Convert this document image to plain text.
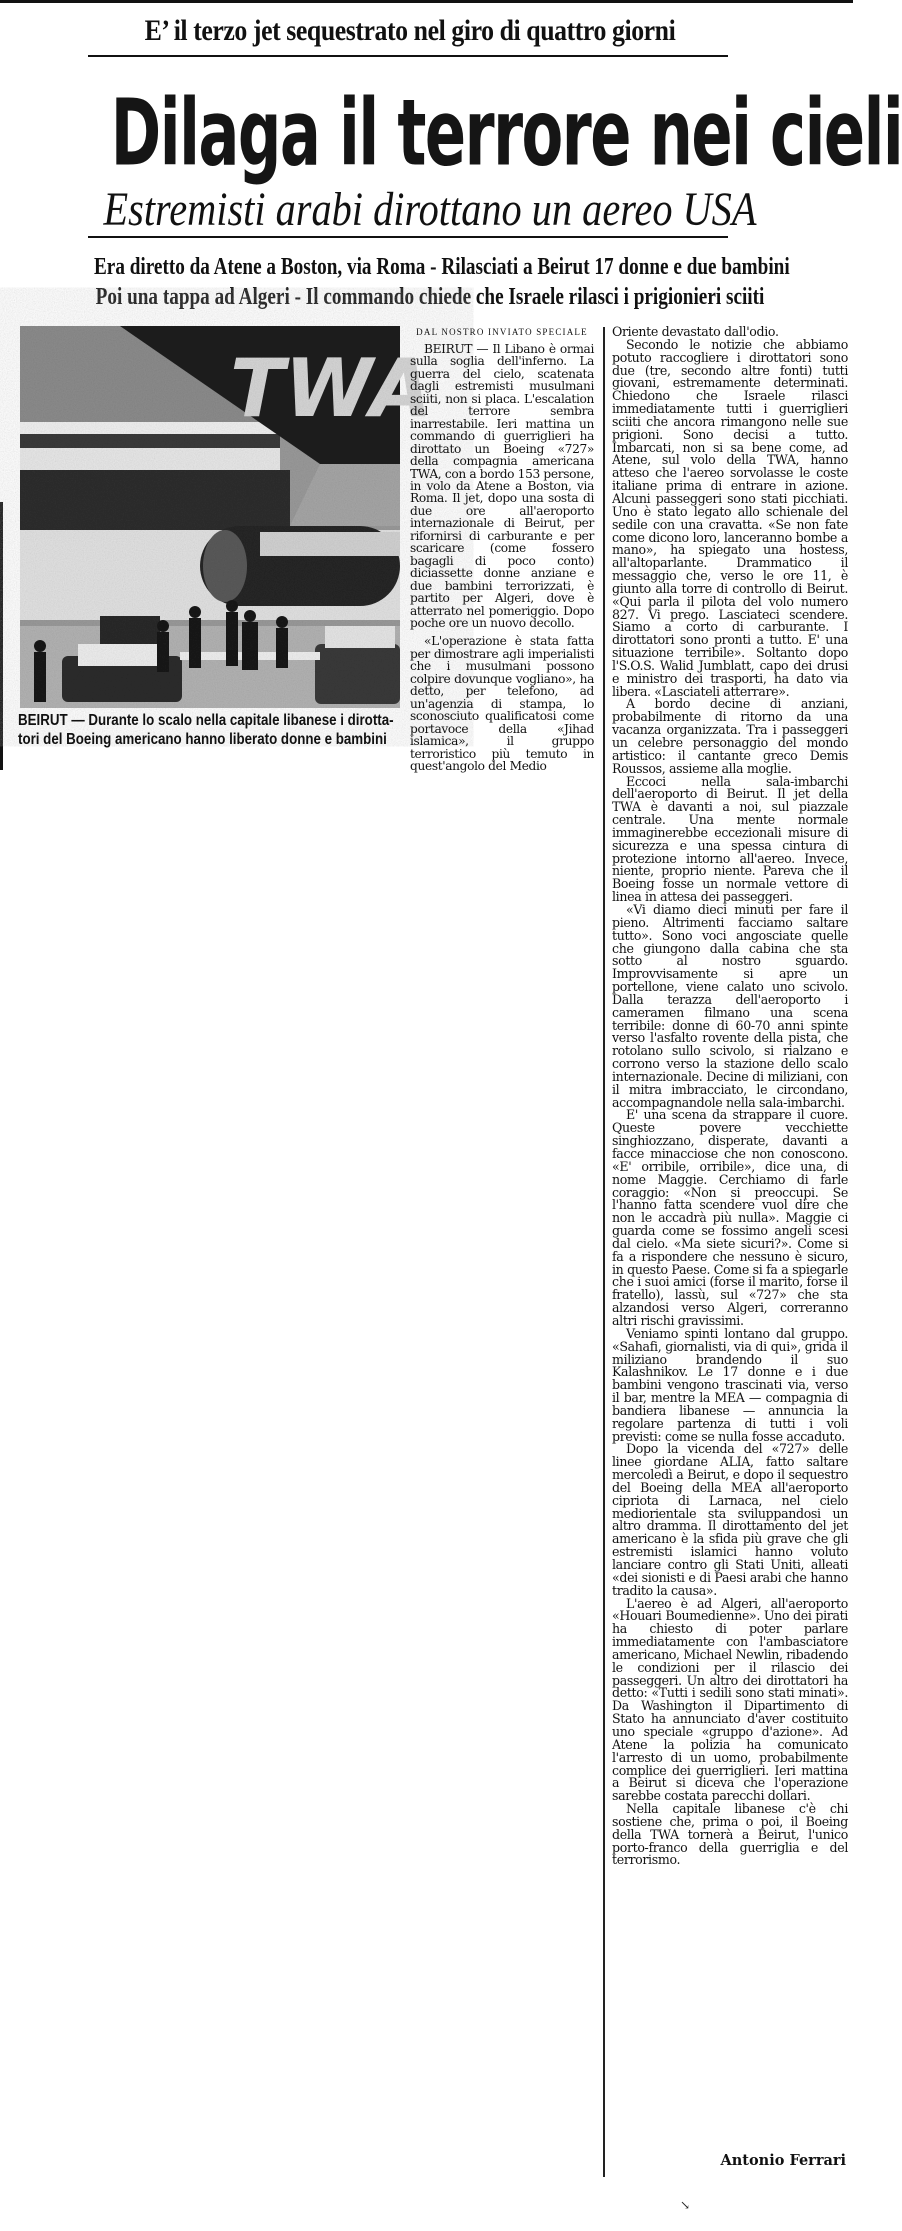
E’ il terzo jet sequestrato nel giro di quattro giorni
Dilaga il terrore nei cieli
Estremisti arabi dirottano un aereo USA
Era diretto da Atene a Boston, via Roma - Rilasciati a Beirut 17 donne e due bambini
Poi una tappa ad Algeri - Il commando chiede che Israele rilasci i prigionieri sciiti
TWA
BEIRUT — Durante lo scalo nella capitale libanese i dirotta-
tori del Boeing americano hanno liberato donne e bambini
DAL NOSTRO INVIATO SPECIALE

BEIRUT — Il Libano è ormai sulla soglia dell'inferno. La guerra del cielo, scatenata dagli estremisti musulmani sciiti, non si placa. L'escalation del terrore sembra inarrestabile. Ieri mattina un commando di guerriglieri ha dirottato un Boeing «727» della compagnia americana TWA, con a bordo 153 persone, in volo da Atene a Boston, via Roma. Il jet, dopo una sosta di due ore all'aeroporto internazionale di Beirut, per rifornirsi di carburante e per scaricare (come fossero bagagli di poco conto) diciassette donne anziane e due bambini terrorizzati, è partito per Algeri, dove è atterrato nel pomeriggio. Dopo poche ore un nuovo decollo.

«L'operazione è stata fatta per dimostrare agli imperialisti che i musulmani possono colpire dovunque vogliano», ha detto, per telefono, ad un'agenzia di stampa, lo sconosciuto qualificatosi come portavoce della «Jihad islamica», il gruppo terroristico più temuto in quest'angolo del Medio

Oriente devastato dall'odio.

Secondo le notizie che abbiamo potuto raccogliere i dirottatori sono due (tre, secondo altre fonti) tutti giovani, estremamente determinati. Chiedono che Israele rilasci immediatamente tutti i guerriglieri sciiti che ancora rimangono nelle sue prigioni. Sono decisi a tutto. Imbarcati, non si sa bene come, ad Atene, sul volo della TWA, hanno atteso che l'aereo sorvolasse le coste italiane prima di entrare in azione. Alcuni passeggeri sono stati picchiati. Uno è stato legato allo schienale del sedile con una cravatta. «Se non fate come dicono loro, lanceranno bombe a mano», ha spiegato una hostess, all'altoparlante. Drammatico il messaggio che, verso le ore 11, è giunto alla torre di controllo di Beirut. «Qui parla il pilota del volo numero 827. Vi prego. Lasciateci scendere. Siamo a corto di carburante. I dirottatori sono pronti a tutto. E' una situazione terribile». Soltanto dopo l'S.O.S. Walid Jumblatt, capo dei drusi e ministro dei trasporti, ha dato via libera. «Lasciateli atterrare».

A bordo decine di anziani, probabilmente di ritorno da una vacanza organizzata. Tra i passeggeri un celebre personaggio del mondo artistico: il cantante greco Demis Roussos, assieme alla moglie.

Eccoci nella sala-imbarchi dell'aeroporto di Beirut. Il jet della TWA è davanti a noi, sul piazzale centrale. Una mente normale immaginerebbe eccezionali misure di sicurezza e una spessa cintura di protezione intorno all'aereo. Invece, niente, proprio niente. Pareva che il Boeing fosse un normale vettore di linea in attesa dei passeggeri.

«Vi diamo dieci minuti per fare il pieno. Altrimenti facciamo saltare tutto». Sono voci angosciate quelle che giungono dalla cabina che sta sotto al nostro sguardo. Improvvisamente si apre un portellone, viene calato uno scivolo. Dalla terazza dell'aeroporto i cameramen filmano una scena terribile: donne di 60-70 anni spinte verso l'asfalto rovente della pista, che rotolano sullo scivolo, si rialzano e corrono verso la stazione dello scalo internazionale. Decine di miliziani, con il mitra imbracciato, le circondano, accompagnandole nella sala-imbarchi.

E' una scena da strappare il cuore. Queste povere vecchiette singhiozzano, disperate, davanti a facce minacciose che non conoscono. «E' orribile, orribile», dice una, di nome Maggie. Cerchiamo di farle coraggio: «Non si preoccupi. Se l'hanno fatta scendere vuol dire che non le accadrà più nulla». Maggie ci guarda come se fossimo angeli scesi dal cielo. «Ma siete sicuri?». Come si fa a rispondere che nessuno è sicuro, in questo Paese. Come si fa a spiegarle che i suoi amici (forse il marito, forse il fratello), lassù, sul «727» che sta alzandosi verso Algeri, correranno altri rischi gravissimi.

Veniamo spinti lontano dal gruppo. «Sahafi, giornalisti, via di qui», grida il miliziano brandendo il suo Kalashnikov. Le 17 donne e i due bambini vengono trascinati via, verso il bar, mentre la MEA — compagnia di bandiera libanese — annuncia la regolare partenza di tutti i voli previsti: come se nulla fosse accaduto.

Dopo la vicenda del «727» delle linee giordane ALIA, fatto saltare mercoledì a Beirut, e dopo il sequestro del Boeing della MEA all'aeroporto cipriota di Larnaca, nel cielo mediorientale sta sviluppandosi un altro dramma. Il dirottamento del jet americano è la sfida più grave che gli estremisti islamici hanno voluto lanciare contro gli Stati Uniti, alleati «dei sionisti e di Paesi arabi che hanno tradito la causa».

L'aereo è ad Algeri, all'aeroporto «Houari Boumedienne». Uno dei pirati ha chiesto di poter parlare immediatamente con l'ambasciatore americano, Michael Newlin, ribadendo le condizioni per il rilascio dei passeggeri. Un altro dei dirottatori ha detto: «Tutti i sedili sono stati minati». Da Washington il Dipartimento di Stato ha annunciato d'aver costituito uno speciale «gruppo d'azione». Ad Atene la polizia ha comunicato l'arresto di un uomo, probabilmente complice dei guerriglieri. Ieri mattina a Beirut si diceva che l'operazione sarebbe costata parecchi dollari.

Nella capitale libanese c'è chi sostiene che, prima o poi, il Boeing della TWA tornerà a Beirut, l'unico porto-franco della guerriglia e del terrorismo.

Antonio Ferrari
↘
